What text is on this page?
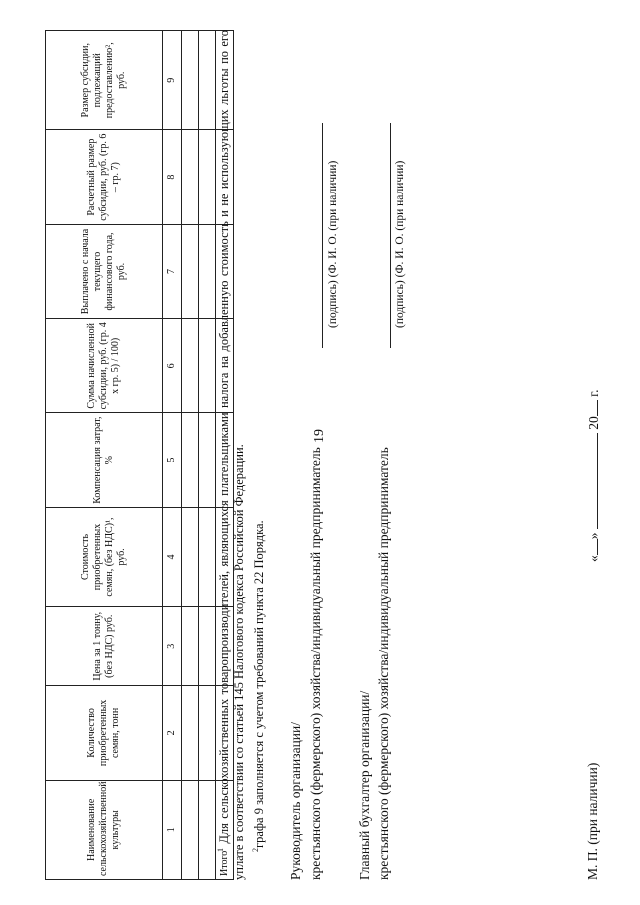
19
Наименование сельскохозяйственной культуры	Количество приобретенных семян, тонн	Цена за 1 тонну, (без НДС) руб.	Стоимость приобретенных семян, (без НДС)¹, руб.	Компенсация затрат, %	Сумма начисленной субсидии, руб. (гр. 4 x гр. 5) / 100)	Выплачено с начала текущего финансового года, руб.	Расчетный размер субсидии, руб. (гр. 6 – гр. 7)	Размер субсидии, подлежащий предоставлению², руб.
1	2	3	4	5	6	7	8	9

Итого								

$^1$ Для сельскохозяйственных товаропроизводителей, являющихся плательщиками налога на добавленную стоимость и не использующих льготы по его уплате в соответствии со статьей 145 Налогового кодекса Российской Федерации. $^2$графа 9 заполняется с учетом требований пункта 22 Порядка. Руководитель организации/ крестьянского (фермерского) хозяйства/индивидуальный предприниматель
(подпись) (Ф. И. О. (при наличии)
Главный бухгалтер организации/ крестьянского (фермерского) хозяйства/индивидуальный предприниматель
(подпись) (Ф. И. О. (при наличии)
М. П. (при наличии)
«»  20 г.
